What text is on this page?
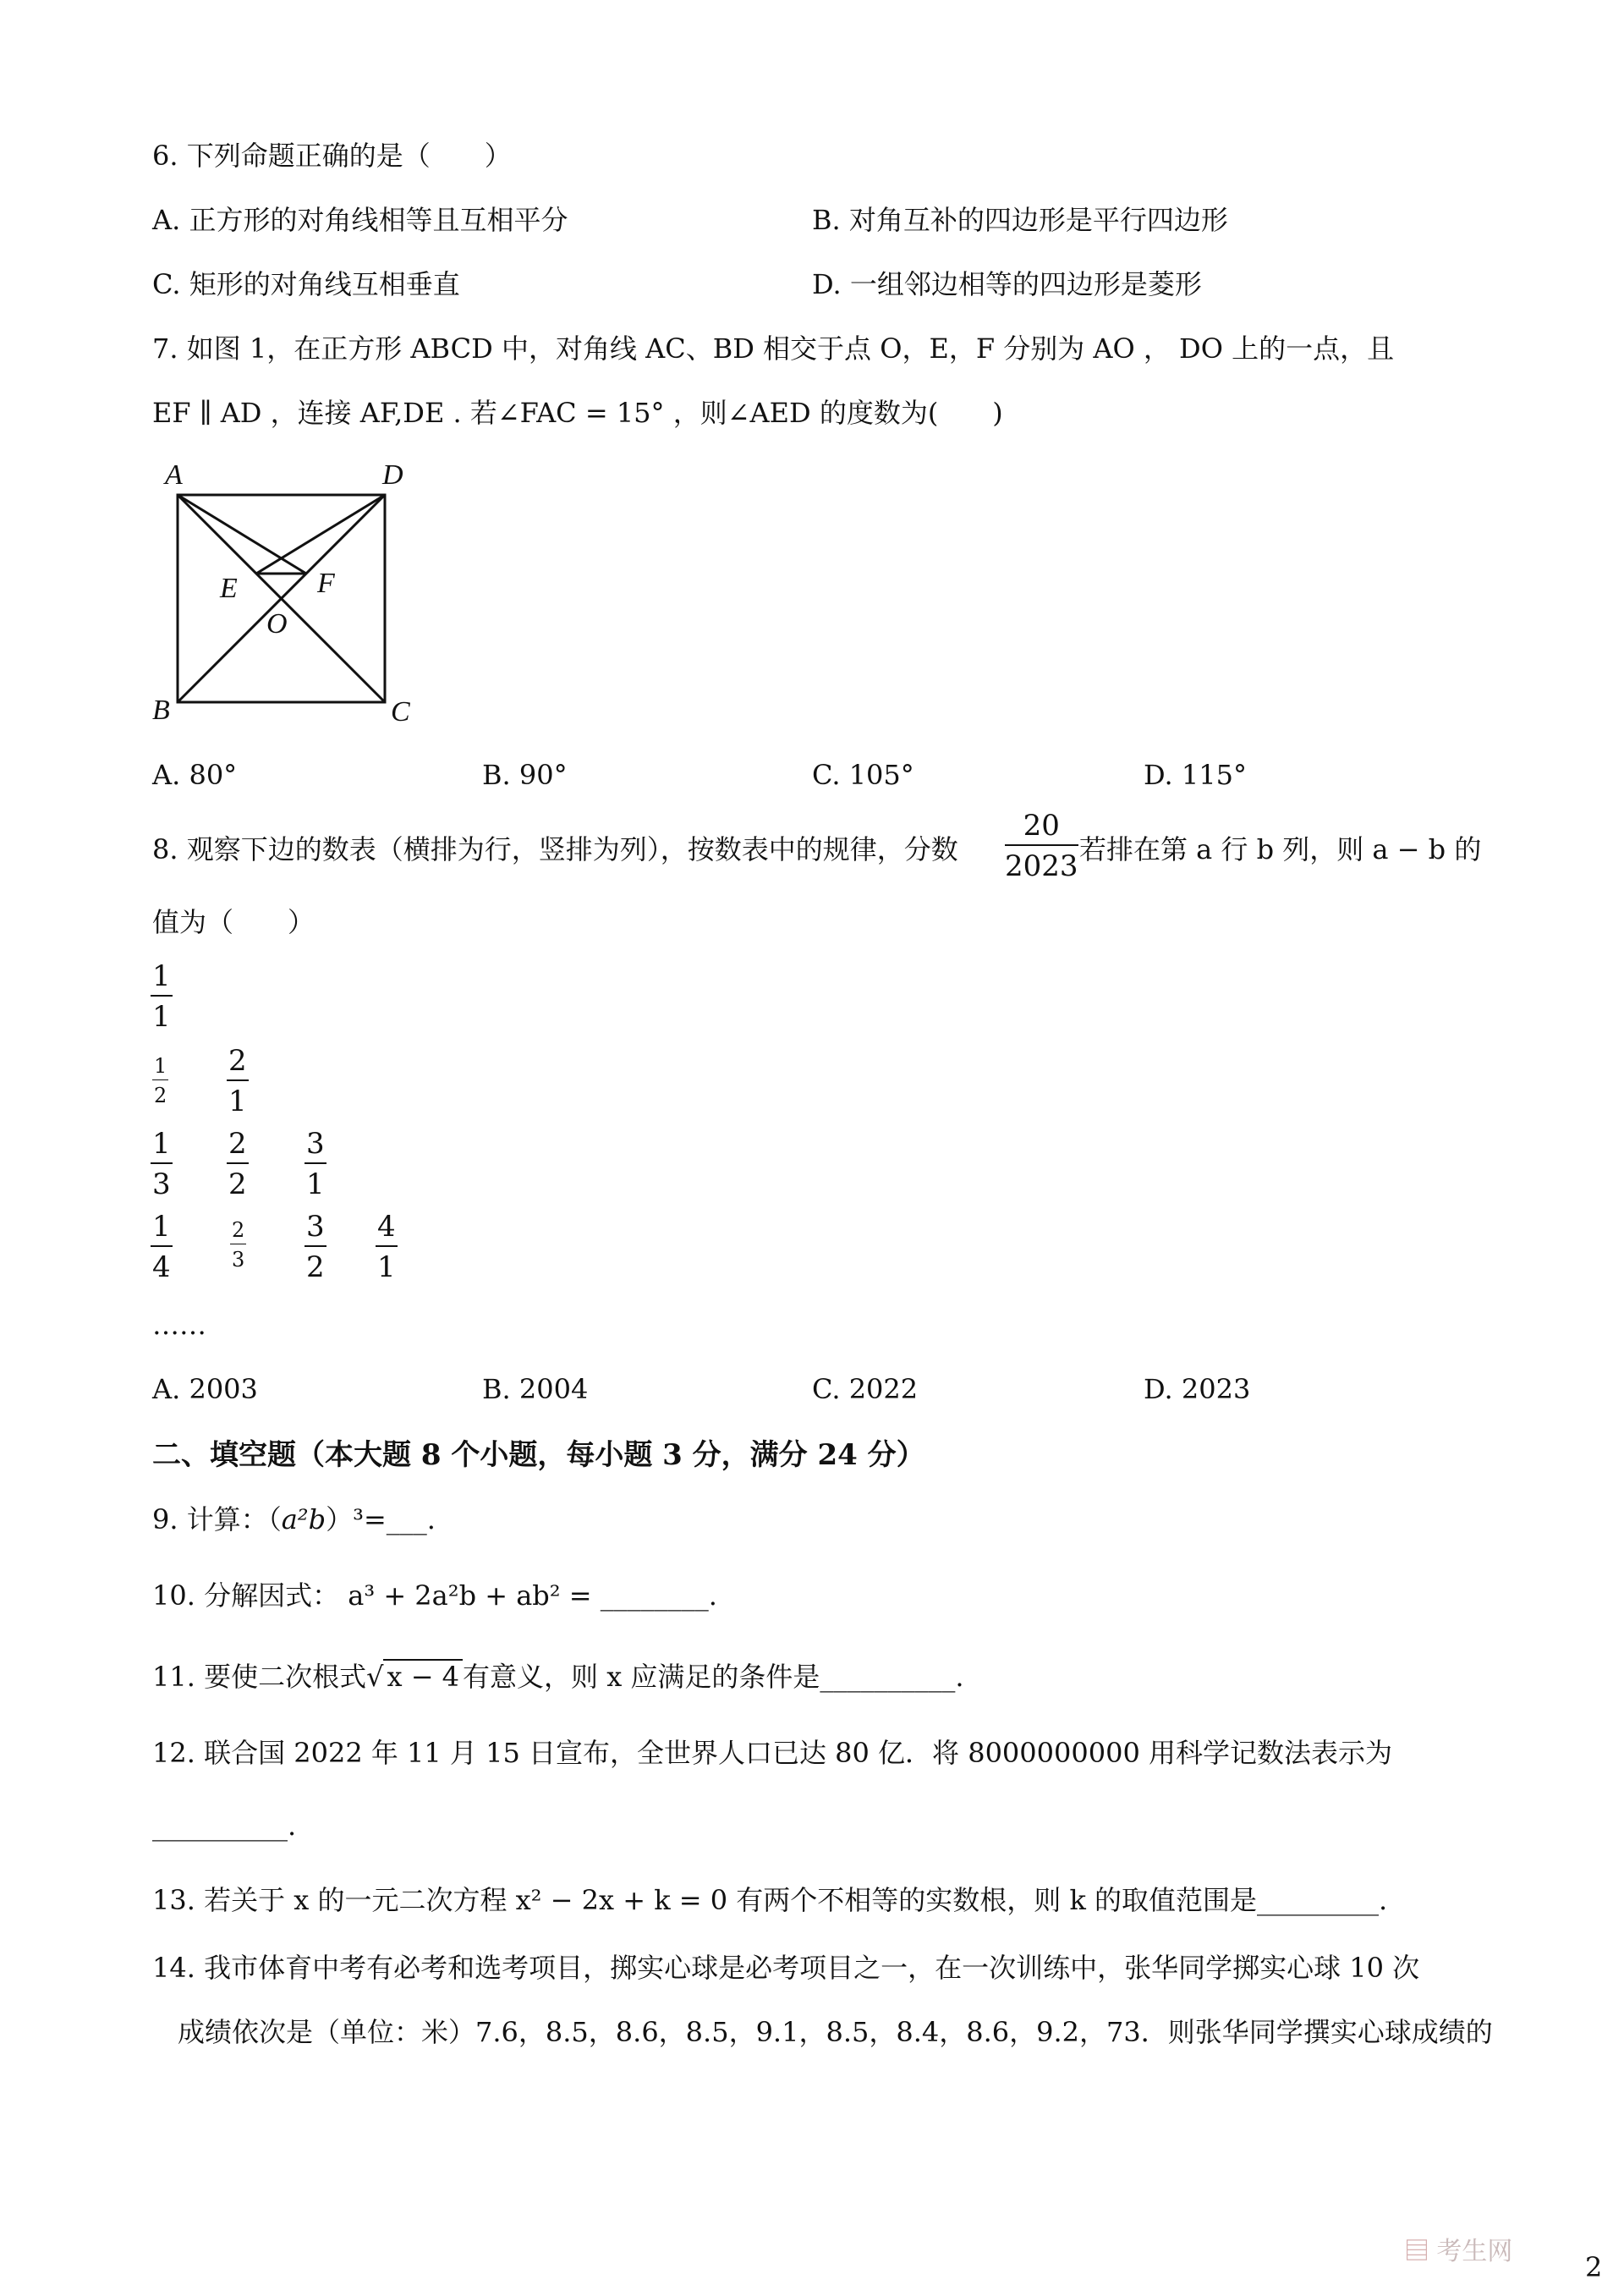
6. 下列命题正确的是（　　）
A. 正方形的对角线相等且互相平分	B. 对角互补的四边形是平行四边形
C. 矩形的对角线互相垂直	D. 一组邻边相等的四边形是菱形
7. 如图 1，在正方形 ABCD 中，对角线 AC、BD 相交于点 O，E，F 分别为 AO ， DO 上的一点，且
EF ∥ AD ，连接 AF,DE . 若∠FAC = 15° ，则∠AED 的度数为(　　)
A	D
B	C
E	F
O
A. 80°	B. 90°	C. 105°	D. 115°
8. 观察下边的数表（横排为行，竖排为列），按数表中的规律，分数 $\frac{20}{2023}$ 若排在第 a 行 b 列，则 a − b 的
值为（　　）
$\frac{1}{1}$
$\frac{1}{2} \frac{2}{1}$
$\frac{1}{3} \frac{2}{2} \frac{3}{1}$
$\frac{1}{4}$	$\frac{2}{3} \frac{3}{2} \frac{4}{1}$
……
A. 2003	B. 2004	C. 2022	D. 2023
二、填空题（本大题 8 个小题，每小题 3 分，满分 24 分）
9. 计算：（a²b）³=___.
10. 分解因式： a³ + 2a²b + ab² = ________.
11. 要使二次根式√ x − 4 有意义，则 x 应满足的条件是__________.
12. 联合国 2022 年 11 月 15 日宣布，全世界人口已达 80 亿．将 8000000000 用科学记数法表示为
__________.
13. 若关于 x 的一元二次方程 x² − 2x + k = 0 有两个不相等的实数根，则 k 的取值范围是_________.
14. 我市体育中考有必考和选考项目，掷实心球是必考项目之一，在一次训练中，张华同学掷实心球 10 次
成绩依次是（单位：米）7.6，8.5，8.6，8.5，9.1，8.5，8.4，8.6，9.2，73．则张华同学撰实心球成绩的
▤ 考生网	2
